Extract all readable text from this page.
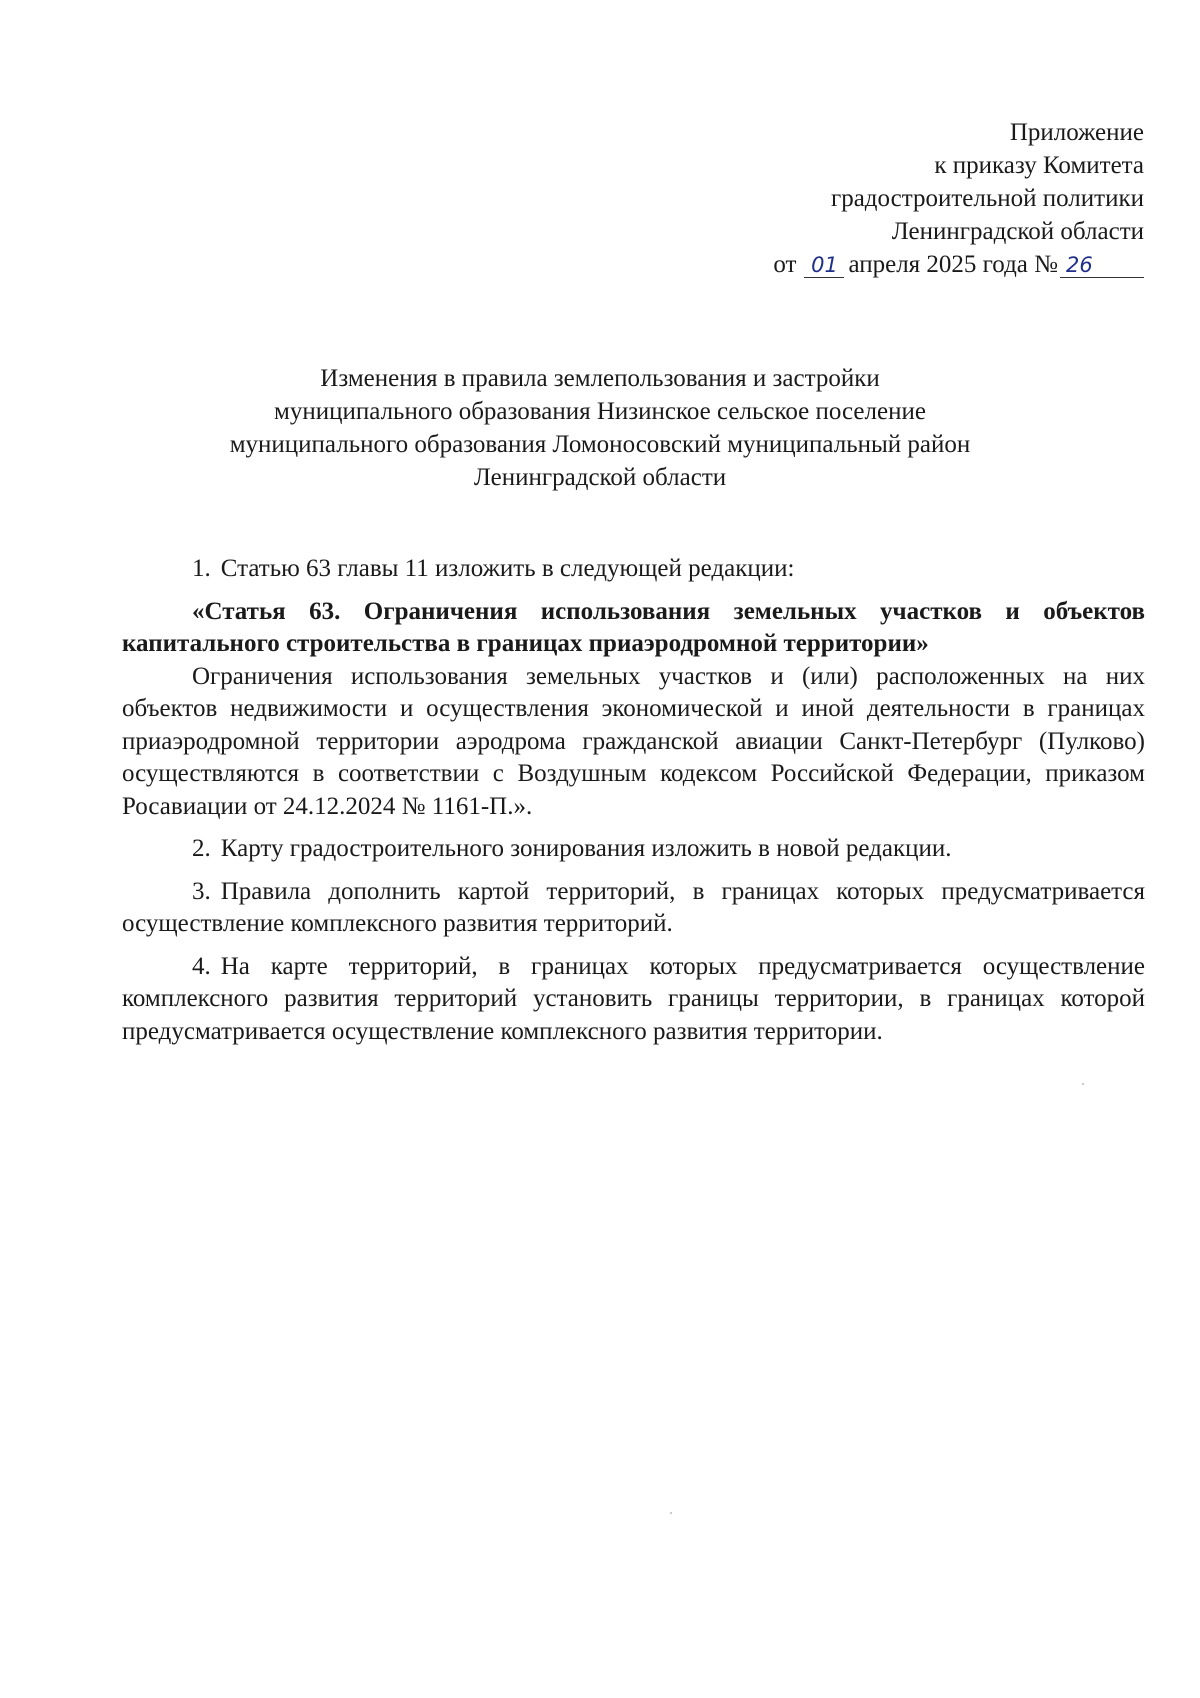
Приложение
к приказу Комитета
градостроительной политики
Ленинградской области
от 01 апреля 2025 года № 26
Изменения в правила землепользования и застройки
муниципального образования Низинское сельское поселение
муниципального образования Ломоносовский муниципальный район
Ленинградской области

1. Статью 63 главы 11 изложить в следующей редакции:

«Статья 63. Ограничения использования земельных участков и объектов капитального строительства в границах приаэродромной территории»

Ограничения использования земельных участков и (или) расположенных на них объектов недвижимости и осуществления экономической и иной деятельности в границах приаэродромной территории аэродрома гражданской авиации Санкт-Петербург (Пулково) осуществляются в соответствии с Воздушным кодексом Российской Федерации, приказом Росавиации от 24.12.2024 № 1161-П.».

2. Карту градостроительного зонирования изложить в новой редакции.

3. Правила дополнить картой территорий, в границах которых предусматривается осуществление комплексного развития территорий.

4. На карте территорий, в границах которых предусматривается осуществление комплексного развития территорий установить границы территории, в границах которой предусматривается осуществление комплексного развития территории.
